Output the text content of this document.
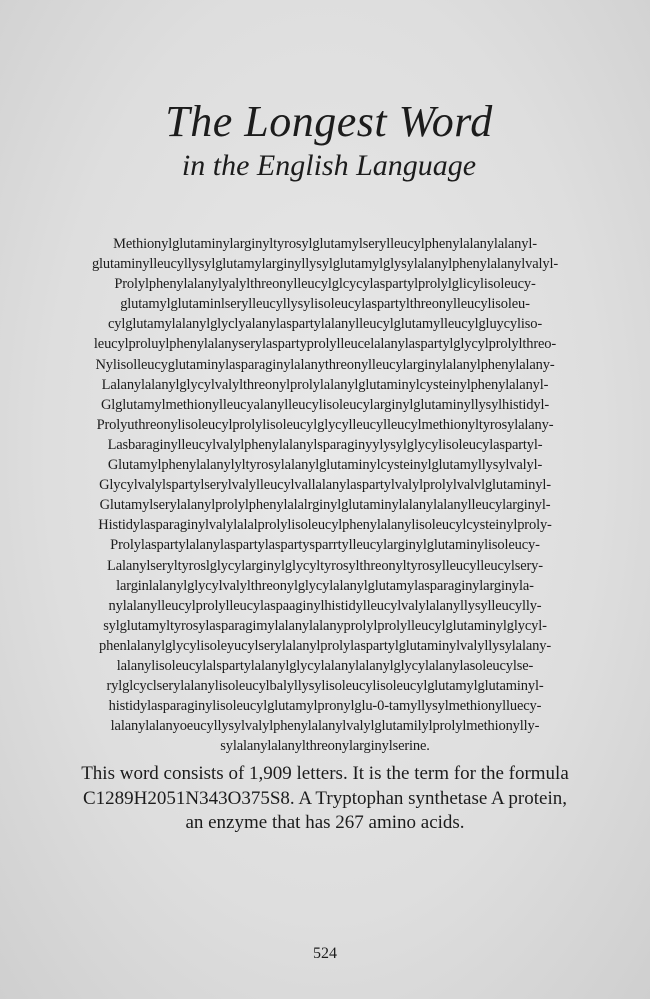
The Longest Word
in the English Language
Methionylglutaminylarginyltyrosylglutamylserylleucylphenylalanylalanyl-
glutaminylleucyllysylglutamylarginyllysylglutamylglysylalanylphenylalanylvalyl-
Prolylphenylalanylyalylthreonylleucylglcycylaspartylprolylglicylisoleucy-
glutamylglutaminlserylleucyllysylisoleucylaspartylthreonylleucylisoleu-
cylglutamylalanylglyclyalanylaspartylalanylleucylglutamylleucylgluycyliso-
leucylproluylphenylalanyserylaspartyprolylleucelalanylaspartylglycylprolylthreo-
Nylisolleucyglutaminylasparaginylalanythreonylleucylarginylalanylphenylalany-
Lalanylalanylglycylvalylthreonylprolylalanylglutaminylcysteinylphenylalanyl-
Glglutamylmethionylleucyalanylleucylisoleucylarginylglutaminyllysylhistidyl-
Prolyuthreonylisoleucylprolylisoleucylglycylleucylleucylmethionyltyrosylalany-
Lasbaraginylleucylvalylphenylalanylsparaginyylysylglycylisoleucylaspartyl-
Glutamylphenylalanylyltyrosylalanylglutaminylcysteinylglutamyllysylvalyl-
Glycylvalylspartylserylvalylleucylvallalanylaspartylvalylprolylvalvlglutaminyl-
Glutamylserylalanylprolylphenylalalrginylglutaminylalanylalanylleucylarginyl-
Histidylasparaginylvalylalalprolylisoleucylphenylalanylisoleucylcysteinylproly-
Prolylaspartylalanylaspartylaspartysparrtylleucylarginylglutaminylisoleucy-
Lalanylseryltyroslglycylarginylglycyltyrosylthreonyltyrosylleucylleucylsery-
larginlalanylglycylvalylthreonylglycylalanylglutamylasparaginylarginyla-
nylalanylleucylprolylleucylaspaaginylhistidylleucylvalylalanyllysylleucylly-
sylglutamyltyrosylasparagimylalanylalanyprolylprolylleucylglutaminylglycyl-
phenlalanylglycylisoleyucylserylalanylprolylaspartylglutaminylvalyllysylalany-
lalanylisoleucylalspartylalanylglycylalanylalanylglycylalanylasoleucylse-
rylglcyclserylalanylisoleucylbalyllysylisoleucylisoleucylglutamylglutaminyl-
histidylasparaginylisoleucylglutamylpronylglu-0-tamyllysylmethionylluecy-
lalanylalanyoeucyllysylvalylphenylalanylvalylglutamilylprolylmethionylly-
sylalanylalanylthreonylarginylserine.
This word consists of 1,909 letters. It is the term for the formula
C1289H2051N343O375S8. A Tryptophan synthetase A protein,
an enzyme that has 267 amino acids.
524
